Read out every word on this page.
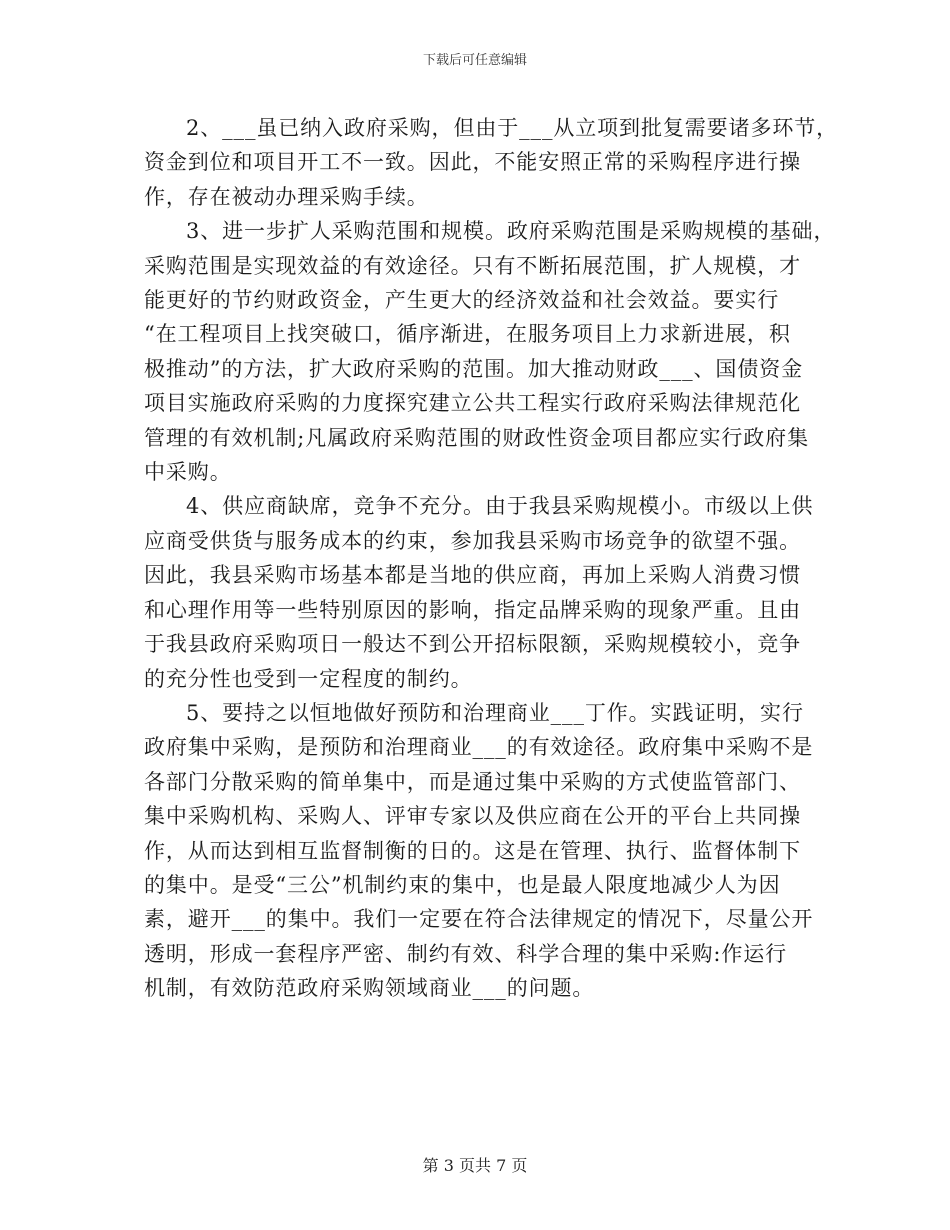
下载后可任意编辑

2、___虽已纳入政府采购，但由于___从立项到批复需要诸多环节，
资金到位和项目开工不一致。因此，不能安照正常的采购程序进行操
作，存在被动办理采购手续。

3、进一步扩人采购范围和规模。政府采购范围是采购规模的基础，
采购范围是实现效益的有效途径。只有不断拓展范围，扩人规模，才
能更好的节约财政资金，产生更大的经济效益和社会效益。要实行
“在工程项目上找突破口，循序渐进，在服务项目上力求新进展，积
极推动”的方法，扩大政府采购的范围。加大推动财政___、国债资金
项目实施政府采购的力度探究建立公共工程实行政府采购法律规范化
管理的有效机制;凡属政府采购范围的财政性资金项目都应实行政府集
中采购。

4、供应商缺席，竞争不充分。由于我县采购规模小。市级以上供
应商受供货与服务成本的约束，参加我县采购市场竞争的欲望不强。
因此，我县采购市场基本都是当地的供应商，再加上采购人消费习惯
和心理作用等一些特别原因的影响，指定品牌采购的现象严重。且由
于我县政府采购项日一般达不到公开招标限额，采购规模较小，竞争
的充分性也受到一定程度的制约。

5、要持之以恒地做好预防和治理商业___丁作。实践证明，实行
政府集中采购，是预防和治理商业___的有效途径。政府集中采购不是
各部门分散采购的简单集中，而是通过集中采购的方式使监管部门、
集中采购机构、采购人、评审专家以及供应商在公开的平台上共同操
作，从而达到相互监督制衡的日的。这是在管理、执行、监督体制下
的集中。是受“三公”机制约束的集中，也是最人限度地减少人为因
素，避开___的集中。我们一定要在符合法律规定的情况下，尽量公开
透明，形成一套程序严密、制约有效、科学合理的集中采购:作运行
机制，有效防范政府采购领域商业___的问题。

第 3 页共 7 页
